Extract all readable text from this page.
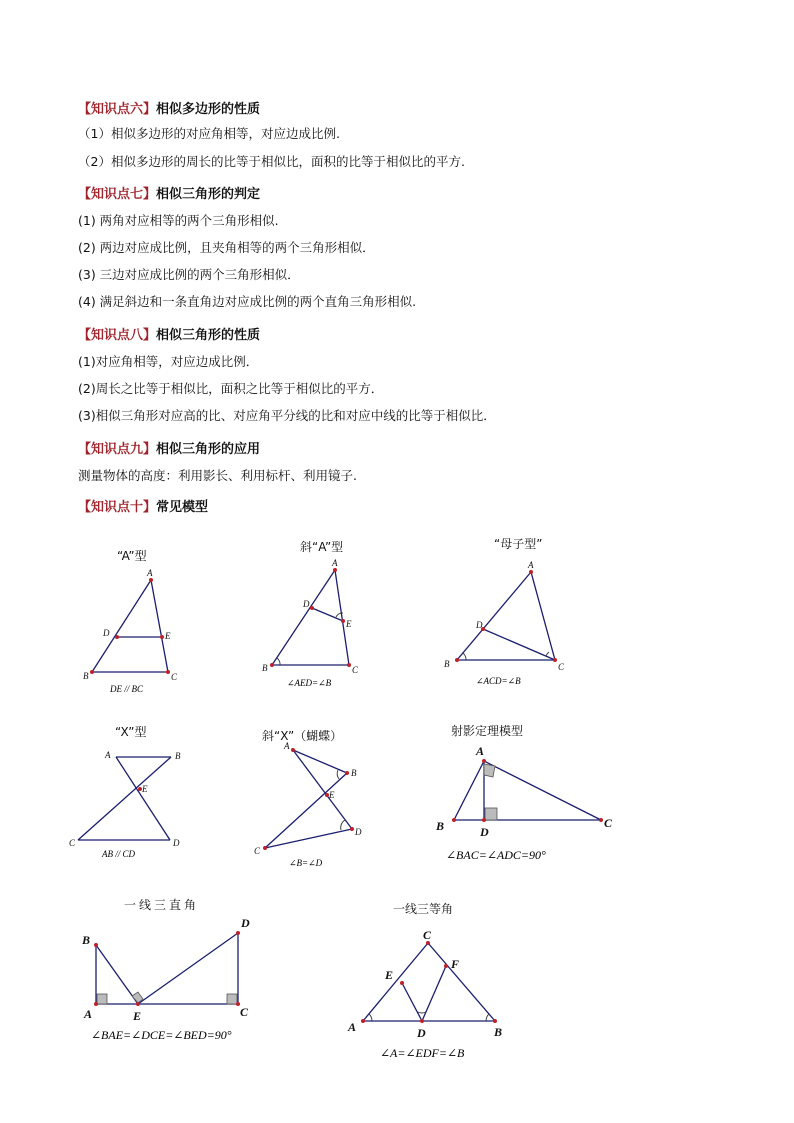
【知识点六】相似多边形的性质
（1）相似多边形的对应角相等，对应边成比例.
（2）相似多边形的周长的比等于相似比，面积的比等于相似比的平方.
【知识点七】相似三角形的判定
(1) 两角对应相等的两个三角形相似.
(2) 两边对应成比例，且夹角相等的两个三角形相似．
(3) 三边对应成比例的两个三角形相似．
(4) 满足斜边和一条直角边对应成比例的两个直角三角形相似.
【知识点八】相似三角形的性质
(1)对应角相等，对应边成比例．
(2)周长之比等于相似比，面积之比等于相似比的平方．
(3)相似三角形对应高的比、对应角平分线的比和对应中线的比等于相似比．
【知识点九】相似三角形的应用
测量物体的高度：利用影长、利用标杆、利用镜子.
【知识点十】常见模型
“A”型
斜“A”型	“母子型”
“X”型	斜“X”（蝴蝶）	射影定理模型
一线三直角	一线三等角
A
D	E
B	C
DE // BC
A
D
E
B	C
∠AED=∠B
A
D
B	C
∠ACD=∠B
A	B
E
C	D
AB // CD
A
B
E
C
D
∠B=∠D
A
B	D
C
∠BAC=∠ADC=90°
B
D
A	E	C
∠BAE=∠DCE=∠BED=90°
C
E
F
A	D	B
∠A=∠EDF=∠B
